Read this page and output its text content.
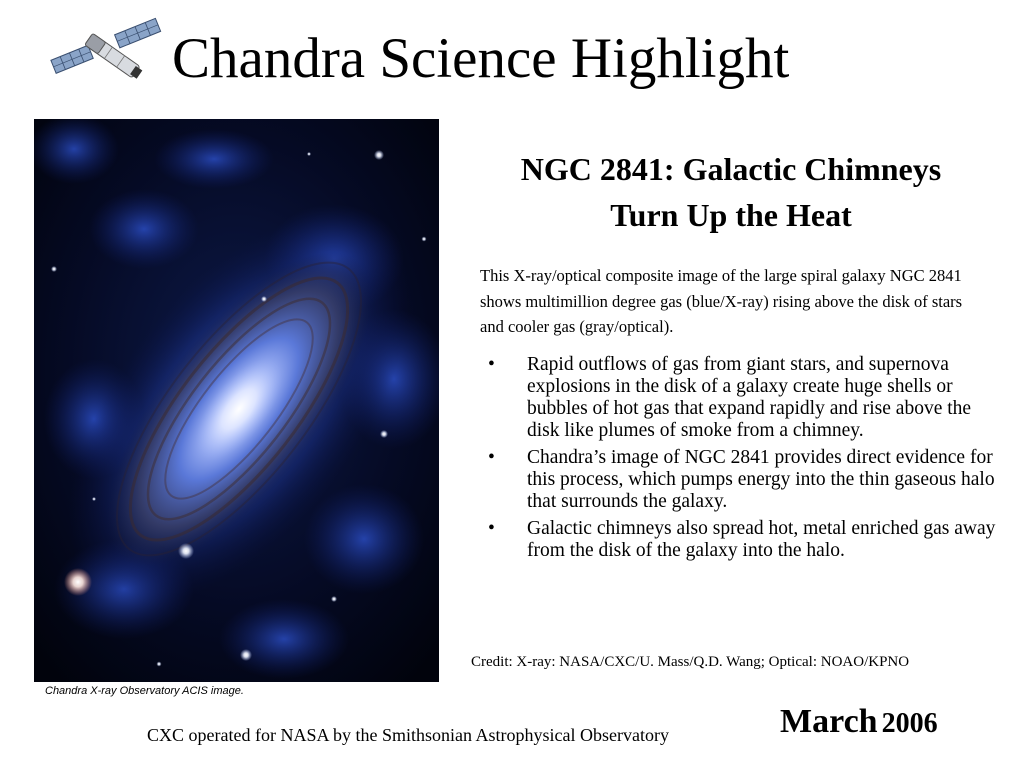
Chandra Science Highlight
Chandra X-ray Observatory ACIS image.
NGC 2841: Galactic Chimneys
Turn Up the Heat
This X-ray/optical composite image of the large spiral galaxy NGC 2841 shows multimillion degree gas (blue/X-ray) rising above the disk of stars and cooler gas (gray/optical).
• Rapid outflows of gas from giant stars, and supernova explosions in the disk of a galaxy create huge shells or bubbles of hot gas that expand rapidly and rise above the disk like plumes of smoke from a chimney.
• Chandra’s image of NGC 2841 provides direct evidence for this process, which pumps energy into the thin gaseous halo that surrounds the galaxy.
• Galactic chimneys also spread hot, metal enriched gas away from the disk of the galaxy into the halo.
Credit: X-ray: NASA/CXC/U. Mass/Q.D. Wang; Optical: NOAO/KPNO
March 2006
CXC operated for NASA by the Smithsonian Astrophysical Observatory
